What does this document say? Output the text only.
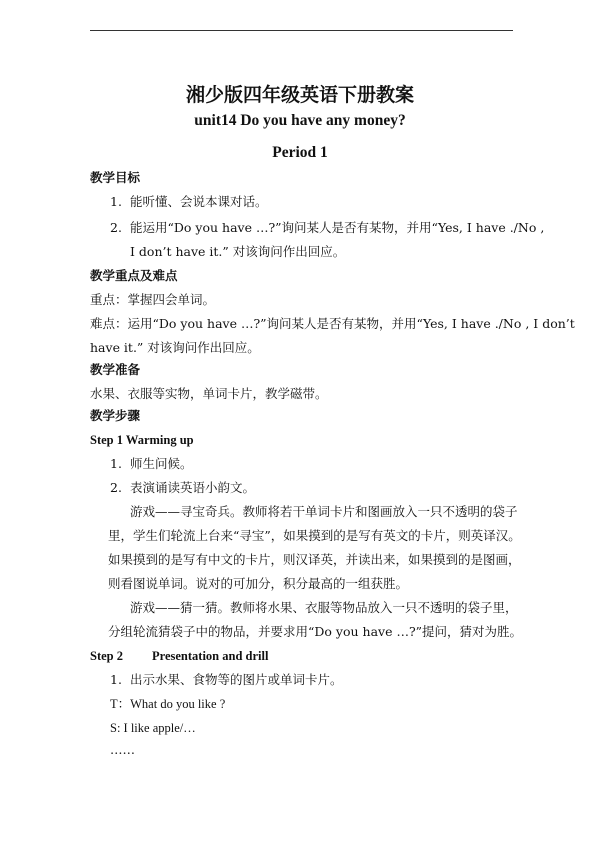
湘少版四年级英语下册教案
unit14 Do you have any money?
Period 1
教学目标
1. 能听懂、会说本课对话。
2. 能运用“Do you have …?”询问某人是否有某物，并用“Yes, I have ./No ,
I don’t have it.” 对该询问作出回应。
教学重点及难点
重点：掌握四会单词。
难点：运用“Do you have …?”询问某人是否有某物，并用“Yes, I have ./No , I don’t
have it.” 对该询问作出回应。
教学准备
水果、衣服等实物，单词卡片，教学磁带。
教学步骤
Step 1 Warming up
1. 师生问候。
2. 表演诵读英语小韵文。
游戏——寻宝奇兵。教师将若干单词卡片和图画放入一只不透明的袋子
里，学生们轮流上台来“寻宝”，如果摸到的是写有英文的卡片，则英译汉。
如果摸到的是写有中文的卡片，则汉译英，并读出来，如果摸到的是图画，
则看图说单词。说对的可加分，积分最高的一组获胜。
游戏——猜一猜。教师将水果、衣服等物品放入一只不透明的袋子里，
分组轮流猜袋子中的物品，并要求用“Do you have …?”提问，猜对为胜。
Step 2 Presentation and drill
1. 出示水果、食物等的图片或单词卡片。
T：What do you like ?
S: I like apple/…
……
